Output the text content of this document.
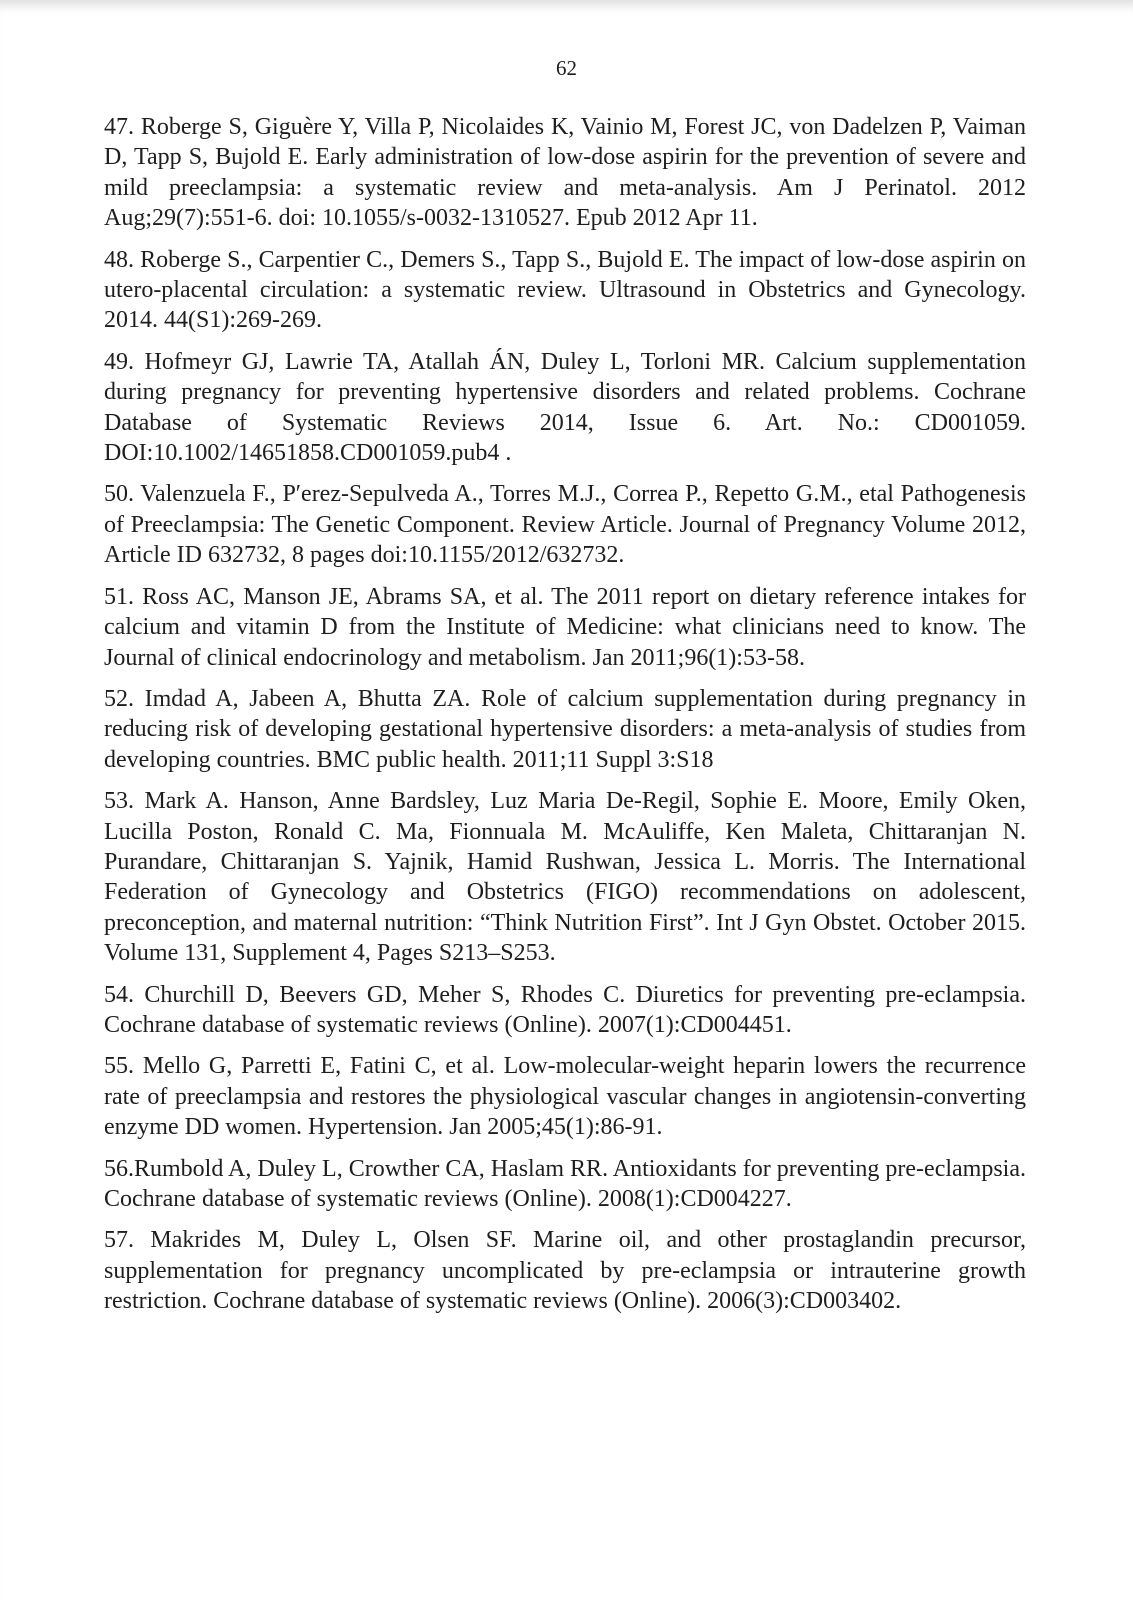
62

47. Roberge S, Giguère Y, Villa P, Nicolaides K, Vainio M, Forest JC, von Dadelzen P, Vaiman D, Tapp S, Bujold E. Early administration of low-dose aspirin for the prevention of severe and mild preeclampsia: a systematic review and meta-analysis. Am J Perinatol. 2012 Aug;29(7):551-6. doi: 10.1055/s-0032-1310527. Epub 2012 Apr 11.

48. Roberge S., Carpentier C., Demers S., Tapp S., Bujold E. The impact of low-dose aspirin on utero-placental circulation: a systematic review. Ultrasound in Obstetrics and Gynecology. 2014. 44(S1):269-269.

49. Hofmeyr GJ, Lawrie TA, Atallah ÁN, Duley L, Torloni MR. Calcium supplementation during pregnancy for preventing hypertensive disorders and related problems. Cochrane Database of Systematic Reviews 2014, Issue 6. Art. No.: CD001059. DOI:10.1002/14651858.CD001059.pub4 .

50. Valenzuela F., P′erez-Sepulveda A., Torres M.J., Correa P., Repetto G.M., etal Pathogenesis of Preeclampsia: The Genetic Component. Review Article. Journal of Pregnancy Volume 2012, Article ID 632732, 8 pages doi:10.1155/2012/632732.

51. Ross AC, Manson JE, Abrams SA, et al. The 2011 report on dietary reference intakes for calcium and vitamin D from the Institute of Medicine: what clinicians need to know. The Journal of clinical endocrinology and metabolism. Jan 2011;96(1):53-58.

52. Imdad A, Jabeen A, Bhutta ZA. Role of calcium supplementation during pregnancy in reducing risk of developing gestational hypertensive disorders: a meta-analysis of studies from developing countries. BMC public health. 2011;11 Suppl 3:S18

53. Mark A. Hanson, Anne Bardsley, Luz Maria De-Regil, Sophie E. Moore, Emily Oken, Lucilla Poston, Ronald C. Ma, Fionnuala M. McAuliffe, Ken Maleta, Chittaranjan N. Purandare, Chittaranjan S. Yajnik, Hamid Rushwan, Jessica L. Morris. The International Federation of Gynecology and Obstetrics (FIGO) recommendations on adolescent, preconception, and maternal nutrition: “Think Nutrition First”. Int J Gyn Obstet. October 2015. Volume 131, Supplement 4, Pages S213–S253.

54. Churchill D, Beevers GD, Meher S, Rhodes C. Diuretics for preventing pre-eclampsia. Cochrane database of systematic reviews (Online). 2007(1):CD004451.

55. Mello G, Parretti E, Fatini C, et al. Low-molecular-weight heparin lowers the recurrence rate of preeclampsia and restores the physiological vascular changes in angiotensin-converting enzyme DD women. Hypertension. Jan 2005;45(1):86-91.

56.Rumbold A, Duley L, Crowther CA, Haslam RR. Antioxidants for preventing pre-eclampsia. Cochrane database of systematic reviews (Online). 2008(1):CD004227.

57. Makrides M, Duley L, Olsen SF. Marine oil, and other prostaglandin precursor, supplementation for pregnancy uncomplicated by pre-eclampsia or intrauterine growth restriction. Cochrane database of systematic reviews (Online). 2006(3):CD003402.
